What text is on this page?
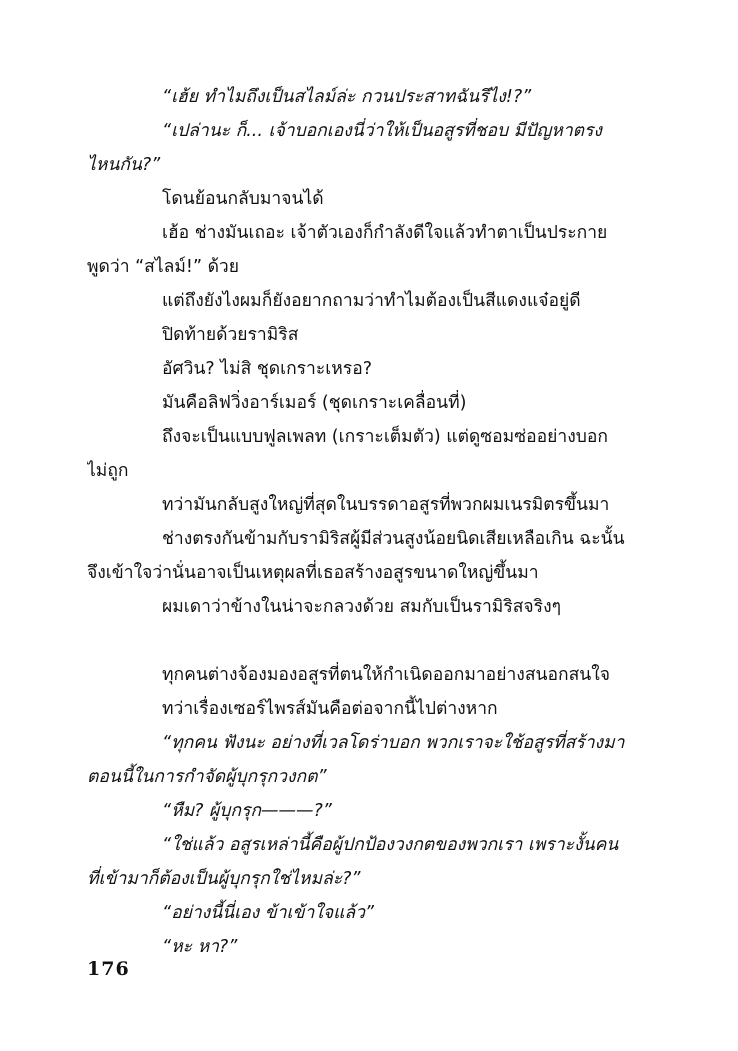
“เฮ้ย ทำไมถึงเป็นสไลม์ล่ะ กวนประสาทฉันรึไง!?”
“เปล่านะ ก็... เจ้าบอกเองนี่ว่าให้เป็นอสูรที่ชอบ มีปัญหาตรง
ไหนกัน?”
โดนย้อนกลับมาจนได้
เฮ้อ ช่างมันเถอะ เจ้าตัวเองก็กำลังดีใจแล้วทำตาเป็นประกาย
พูดว่า “สไลม์!” ด้วย
แต่ถึงยังไงผมก็ยังอยากถามว่าทำไมต้องเป็นสีแดงแจ๋อยู่ดี
ปิดท้ายด้วยรามิริส
อัศวิน? ไม่สิ ชุดเกราะเหรอ?
มันคือลิฟวิ่งอาร์เมอร์ (ชุดเกราะเคลื่อนที่)
ถึงจะเป็นแบบฟูลเพลท (เกราะเต็มตัว) แต่ดูซอมซ่ออย่างบอก
ไม่ถูก
ทว่ามันกลับสูงใหญ่ที่สุดในบรรดาอสูรที่พวกผมเนรมิตรขึ้นมา
ช่างตรงกันข้ามกับรามิริสผู้มีส่วนสูงน้อยนิดเสียเหลือเกิน ฉะนั้น
จึงเข้าใจว่านั่นอาจเป็นเหตุผลที่เธอสร้างอสูรขนาดใหญ่ขึ้นมา
ผมเดาว่าข้างในน่าจะกลวงด้วย สมกับเป็นรามิริสจริงๆ
ทุกคนต่างจ้องมองอสูรที่ตนให้กำเนิดออกมาอย่างสนอกสนใจ
ทว่าเรื่องเซอร์ไพรส์มันคือต่อจากนี้ไปต่างหาก
“ทุกคน ฟังนะ อย่างที่เวลโดร่าบอก พวกเราจะใช้อสูรที่สร้างมา
ตอนนี้ในการกำจัดผู้บุกรุกวงกต”
“หืม? ผู้บุกรุก———?”
“ใช่แล้ว อสูรเหล่านี้คือผู้ปกป้องวงกตของพวกเรา เพราะงั้นคน
ที่เข้ามาก็ต้องเป็นผู้บุกรุกใช่ไหมล่ะ?”
“อย่างนี้นี่เอง ข้าเข้าใจแล้ว”
“หะ หา?”
176
